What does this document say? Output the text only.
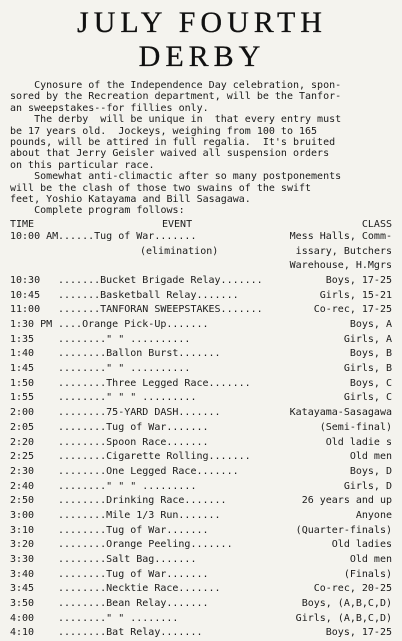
JULY FOURTH DERBY

Cynosure of the Independence Day celebration, spon-

sored by the Recreation department, will be the Tanfor-

an sweepstakes--for fillies only.

The derby  will be unique in  that every entry must

be 17 years old.  Jockeys, weighing from 100 to 165

pounds, will be attired in full regalia.  It's bruited

about that Jerry Geisler waived all suspension orders

on this particular race.

Somewhat anti-climactic after so many postponements

will be the clash of those two swains of the swift

feet, Yoshio Katayama and Bill Sasagawa.

Complete program follows:

TIME	EVENT	CLASS
10:00 AM ......Tug of War.......	Mess Halls, Comm-
(elimination)	issary, Butchers
Warehouse, H.Mgrs
10:30 .......Bucket Brigade Relay.......	Boys, 17-25
10:45 .......Basketball Relay.......	Girls, 15-21
11:00 .......TANFORAN SWEEPSTAKES.......	Co-rec, 17-25
1:30 PM ....Orange Pick-Up.......	Boys, A
1:35 ........" " ..........	Girls, A
1:40 ........Ballon Burst.......	Boys, B
1:45 ........" " ..........	Girls, B
1:50 ........Three Legged Race.......	Boys, C
1:55 ........" " " .........	Girls, C
2:00 ........75-YARD DASH.......	Katayama-Sasagawa
2:05 ........Tug of War.......	(Semi-final)
2:20 ........Spoon Race.......	Old ladie s
2:25 ........Cigarette Rolling.......	Old men
2:30 ........One Legged Race.......	Boys, D
2:40 ........" " " .........	Girls, D
2:50 ........Drinking Race.......	26 years and up
3:00 ........Mile 1/3 Run.......	Anyone
3:10 ........Tug of War.......	(Quarter-finals)
3:20 ........Orange Peeling.......	Old ladies
3:30 ........Salt Bag.......	Old men
3:40 ........Tug of War.......	(Finals)
3:45 ........Necktie Race.......	Co-rec, 20-25
3:50 ........Bean Relay.......	Boys, (A,B,C,D)
4:00 ........" " ........	Girls, (A,B,C,D)
4:10 ........Bat Relay.......	Boys, 17-25
